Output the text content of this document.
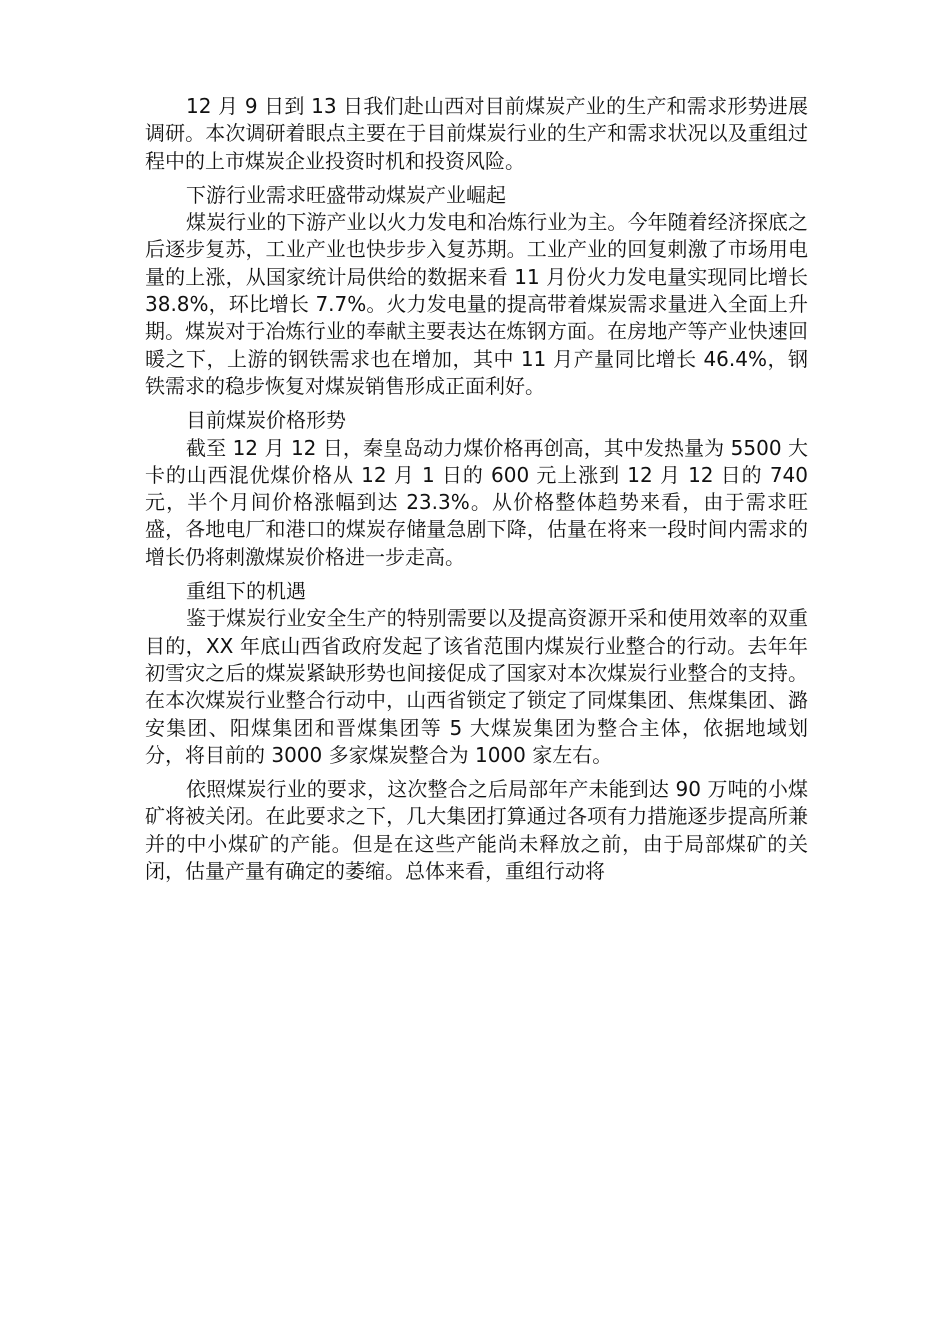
12 月 9 日到 13 日我们赴山西对目前煤炭产业的生产和需求形势进展调研。本次调研着眼点主要在于目前煤炭行业的生产和需求状况以及重组过程中的上市煤炭企业投资时机和投资风险。

下游行业需求旺盛带动煤炭产业崛起

煤炭行业的下游产业以火力发电和冶炼行业为主。今年随着经济探底之后逐步复苏，工业产业也快步步入复苏期。工业产业的回复刺激了市场用电量的上涨，从国家统计局供给的数据来看 11 月份火力发电量实现同比增长 38.8%，环比增长 7.7%。火力发电量的提高带着煤炭需求量进入全面上升期。煤炭对于冶炼行业的奉献主要表达在炼钢方面。在房地产等产业快速回暖之下，上游的钢铁需求也在增加，其中 11 月产量同比增长 46.4%，钢铁需求的稳步恢复对煤炭销售形成正面利好。

目前煤炭价格形势

截至 12 月 12 日，秦皇岛动力煤价格再创高，其中发热量为 5500 大卡的山西混优煤价格从 12 月 1 日的 600 元上涨到 12 月 12 日的 740 元，半个月间价格涨幅到达 23.3%。从价格整体趋势来看，由于需求旺盛，各地电厂和港口的煤炭存储量急剧下降，估量在将来一段时间内需求的增长仍将刺激煤炭价格进一步走高。

重组下的机遇

鉴于煤炭行业安全生产的特别需要以及提高资源开采和使用效率的双重目的，XX 年底山西省政府发起了该省范围内煤炭行业整合的行动。去年年初雪灾之后的煤炭紧缺形势也间接促成了国家对本次煤炭行业整合的支持。在本次煤炭行业整合行动中，山西省锁定了锁定了同煤集团、焦煤集团、潞安集团、阳煤集团和晋煤集团等 5 大煤炭集团为整合主体，依据地域划分，将目前的 3000 多家煤炭整合为 1000 家左右。

依照煤炭行业的要求，这次整合之后局部年产未能到达 90 万吨的小煤矿将被关闭。在此要求之下，几大集团打算通过各项有力措施逐步提高所兼并的中小煤矿的产能。但是在这些产能尚未释放之前，由于局部煤矿的关闭，估量产量有确定的萎缩。总体来看，重组行动将
